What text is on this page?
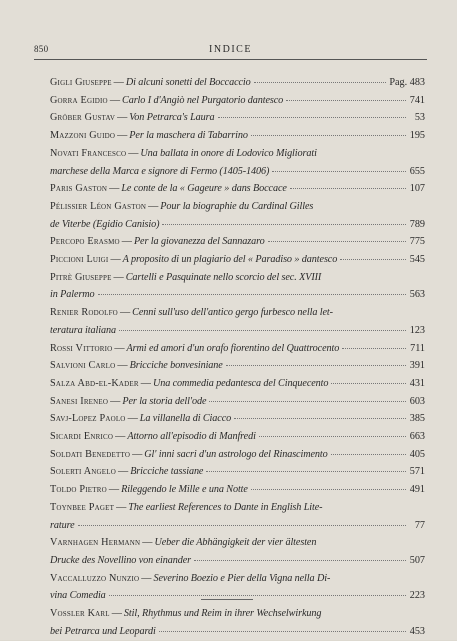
850	INDICE
Gigli Giuseppe — Di alcuni sonetti del Boccaccio	Pag. 483
Gorra Egidio — Carlo I d'Angiò nel Purgatorio dantesco	741
Gröber Gustav — Von Petrarca's Laura	53
Mazzoni Guido — Per la maschera di Tabarrino	195
Novati Francesco — Una ballata in onore di Lodovico Migliorati
marchese della Marca e signore di Fermo (1405-1406)	655
Paris Gaston — Le conte de la « Gageure » dans Boccace	107
Pélissier Léon Gaston — Pour la biographie du Cardinal Gilles
de Viterbe (Egidio Canisio)	789
Percopo Erasmo — Per la giovanezza del Sannazaro	775
Piccioni Luigi — A proposito di un plagiario del « Paradiso » dantesco	545
Pitrè Giuseppe — Cartelli e Pasquinate nello scorcio del sec. XVIII
in Palermo	563
Renier Rodolfo — Cenni sull'uso dell'antico gergo furbesco nella let-
teratura italiana	123
Rossi Vittorio — Armi ed amori d'un orafo fiorentino del Quattrocento	711
Salvioni Carlo — Bricciche bonvesiniane	391
Salza Abd-el-Kader — Una commedia pedantesca del Cinquecento	431
Sanesi Ireneo — Per la storia dell'ode	603
Savj-Lopez Paolo — La villanella di Ciacco	385
Sicardi Enrico — Attorno all'episodio di Manfredi	663
Soldati Benedetto — Gl' inni sacri d'un astrologo del Rinascimento	405
Solerti Angelo — Bricciche tassiane	571
Toldo Pietro — Rileggendo le Mille e una Notte	491
Toynbee Paget — The earliest References to Dante in English Lite-
rature	77
Varnhagen Hermann — Ueber die Abhängigkeit der vier ältesten
Drucke des Novellino von einander	507
Vaccalluzzo Nunzio — Severino Boezio e Pier della Vigna nella Di-
vina Comedia	223
Vossler Karl — Stil, Rhythmus und Reim in ihrer Wechselwirkung
bei Petrarca und Leopardi	453
